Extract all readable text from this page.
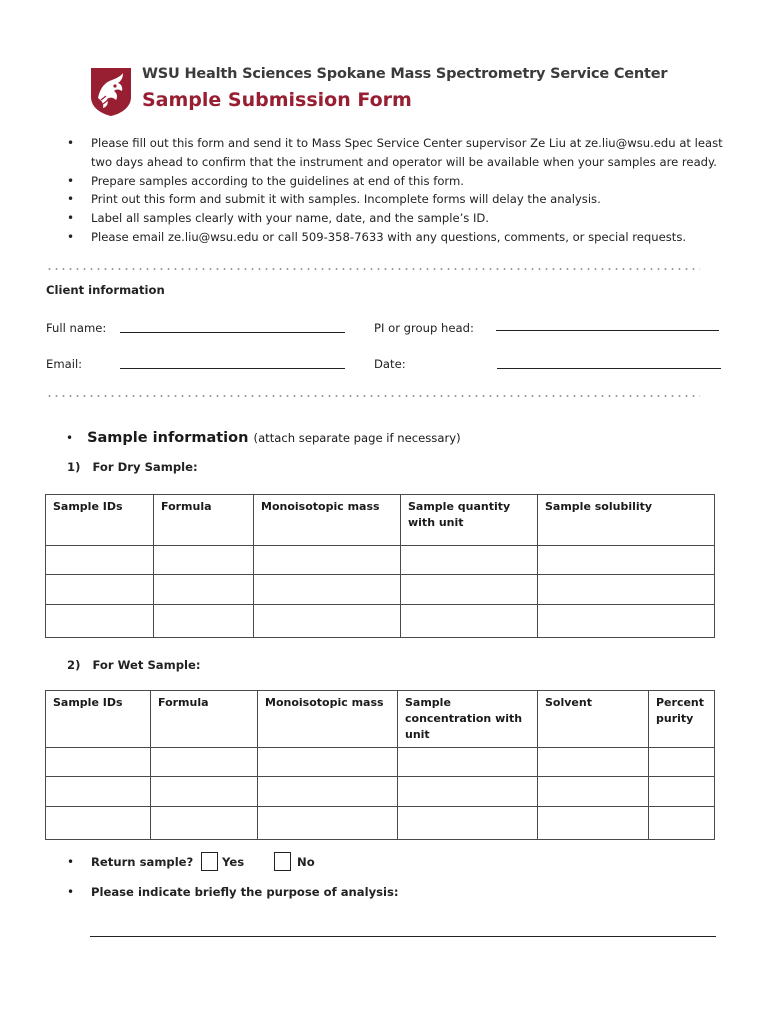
WSU Health Sciences Spokane Mass Spectrometry Service Center
Sample Submission Form
• Please fill out this form and send it to Mass Spec Service Center supervisor Ze Liu at ze.liu@wsu.edu at least two days ahead to confirm that the instrument and operator will be available when your samples are ready.
• Prepare samples according to the guidelines at end of this form.
• Print out this form and submit it with samples. Incomplete forms will delay the analysis.
• Label all samples clearly with your name, date, and the sample’s ID.
• Please email ze.liu@wsu.edu or call 509-358-7633 with any questions, comments, or special requests.
Client information
Full name:	PI or group head:
Email:	Date:
• Sample information (attach separate page if necessary)
1)   For Dry Sample:
Sample IDs	Formula	Monoisotopic mass	Sample quantity with unit	Sample solubility

2)   For Wet Sample:
Sample IDs	Formula	Monoisotopic mass	Sample concentration with unit	Solvent	Percent purity

• Return sample? Yes	No
• Please indicate briefly the purpose of analysis:
